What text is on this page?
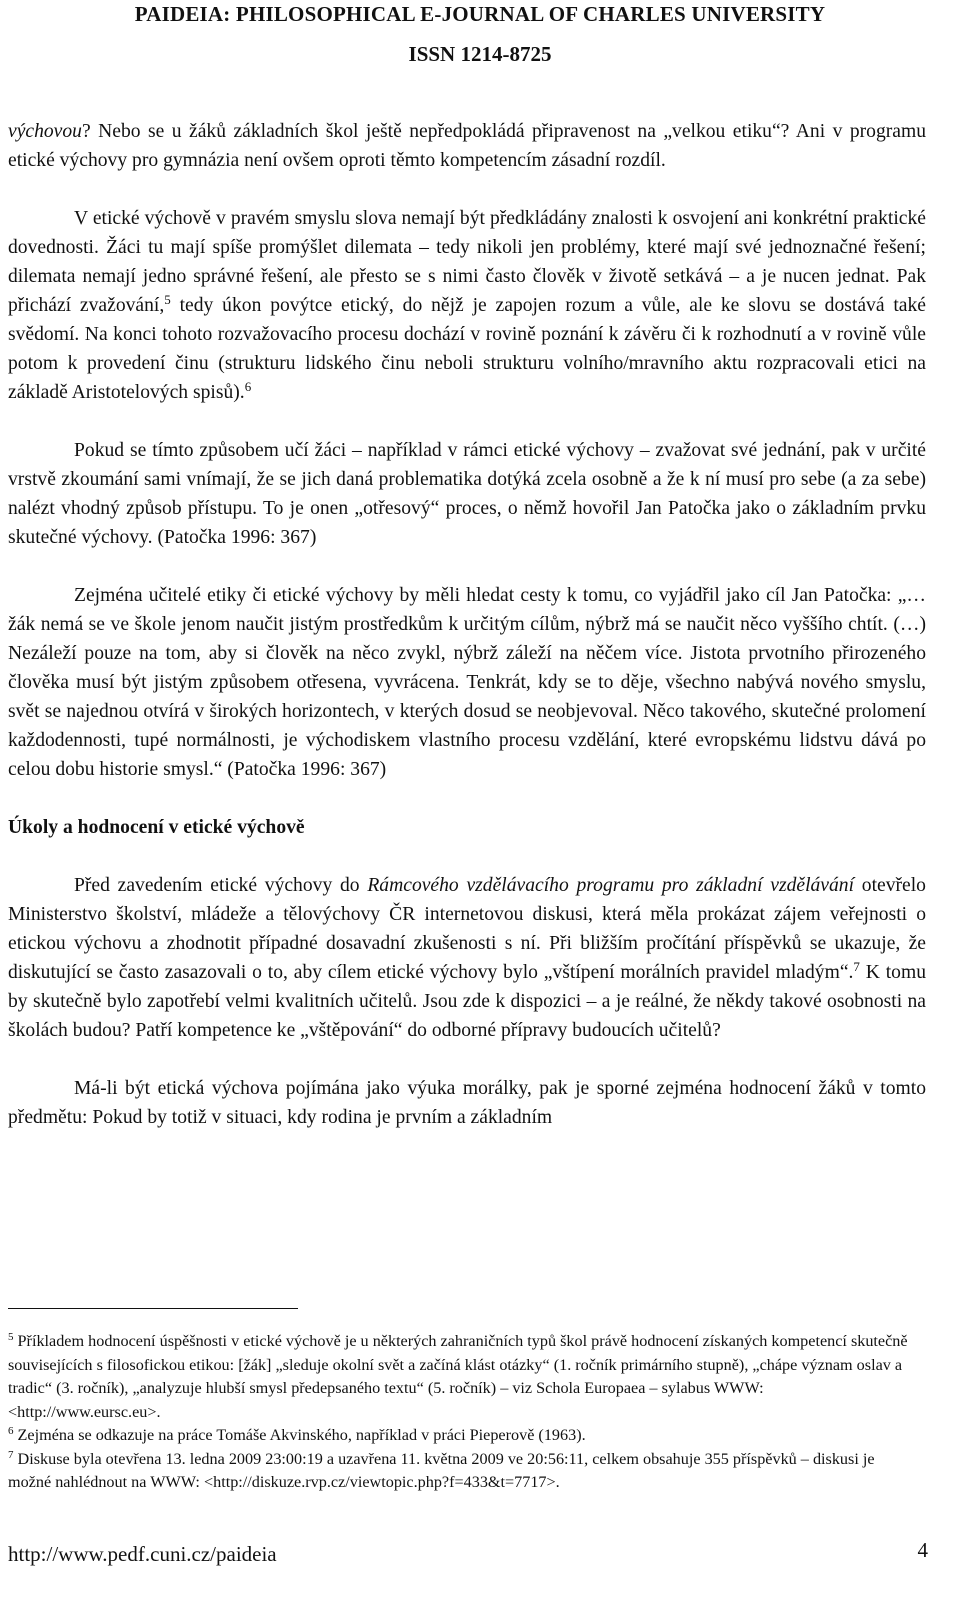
PAIDEIA: PHILOSOPHICAL E-JOURNAL OF CHARLES UNIVERSITY
ISSN 1214-8725

výchovou? Nebo se u žáků základních škol ještě nepředpokládá připravenost na „velkou etiku“? Ani v programu etické výchovy pro gymnázia není ovšem oproti těmto kompetencím zásadní rozdíl.

V etické výchově v pravém smyslu slova nemají být předkládány znalosti k osvojení ani konkrétní praktické dovednosti. Žáci tu mají spíše promýšlet dilemata – tedy nikoli jen problémy, které mají své jednoznačné řešení; dilemata nemají jedno správné řešení, ale přesto se s nimi často člověk v životě setkává – a je nucen jednat. Pak přichází zvažování,$^5$ tedy úkon povýtce etický, do nějž je zapojen rozum a vůle, ale ke slovu se dostává také svědomí. Na konci tohoto rozvažovacího procesu dochází v rovině poznání k závěru či k rozhodnutí a v rovině vůle potom k provedení činu (strukturu lidského činu neboli strukturu volního/mravního aktu rozpracovali etici na základě Aristotelových spisů).$^6$

Pokud se tímto způsobem učí žáci – například v rámci etické výchovy – zvažovat své jednání, pak v určité vrstvě zkoumání sami vnímají, že se jich daná problematika dotýká zcela osobně a že k ní musí pro sebe (a za sebe) nalézt vhodný způsob přístupu. To je onen „otřesový“ proces, o němž hovořil Jan Patočka jako o základním prvku skutečné výchovy. (Patočka 1996: 367)

Zejména učitelé etiky či etické výchovy by měli hledat cesty k tomu, co vyjádřil jako cíl Jan Patočka: „…žák nemá se ve škole jenom naučit jistým prostředkům k určitým cílům, nýbrž má se naučit něco vyššího chtít. (…) Nezáleží pouze na tom, aby si člověk na něco zvykl, nýbrž záleží na něčem více. Jistota prvotního přirozeného člověka musí být jistým způsobem otřesena, vyvrácena. Tenkrát, kdy se to děje, všechno nabývá nového smyslu, svět se najednou otvírá v širokých horizontech, v kterých dosud se neobjevoval. Něco takového, skutečné prolomení každodennosti, tupé normálnosti, je východiskem vlastního procesu vzdělání, které evropskému lidstvu dává po celou dobu historie smysl.“ (Patočka 1996: 367)

Úkoly a hodnocení v etické výchově

Před zavedením etické výchovy do Rámcového vzdělávacího programu pro základní vzdělávání otevřelo Ministerstvo školství, mládeže a tělovýchovy ČR internetovou diskusi, která měla prokázat zájem veřejnosti o etickou výchovu a zhodnotit případné dosavadní zkušenosti s ní. Při bližším pročítání příspěvků se ukazuje, že diskutující se často zasazovali o to, aby cílem etické výchovy bylo „vštípení morálních pravidel mladým“.$^7$ K tomu by skutečně bylo zapotřebí velmi kvalitních učitelů. Jsou zde k dispozici – a je reálné, že někdy takové osobnosti na školách budou? Patří kompetence ke „vštěpování“ do odborné přípravy budoucích učitelů?

Má-li být etická výchova pojímána jako výuka morálky, pak je sporné zejména hodnocení žáků v tomto předmětu: Pokud by totiž v situaci, kdy rodina je prvním a základním

$^5$ Příkladem hodnocení úspěšnosti v etické výchově je u některých zahraničních typů škol právě hodnocení získaných kompetencí skutečně souvisejících s filosofickou etikou: [žák] „sleduje okolní svět a začíná klást otázky“ (1. ročník primárního stupně), „chápe význam oslav a tradic“ (3. ročník), „analyzuje hlubší smysl předepsaného textu“ (5. ročník) – viz Schola Europaea – sylabus WWW: <http://www.eursc.eu>.

$^6$ Zejména se odkazuje na práce Tomáše Akvinského, například v práci Pieperově (1963).

$^7$ Diskuse byla otevřena 13. ledna 2009 23:00:19 a uzavřena 11. května 2009 ve 20:56:11, celkem obsahuje 355 příspěvků – diskusi je možné nahlédnout na WWW: <http://diskuze.rvp.cz/viewtopic.php?f=433&t=7717>.

http://www.pedf.cuni.cz/paideia	4
